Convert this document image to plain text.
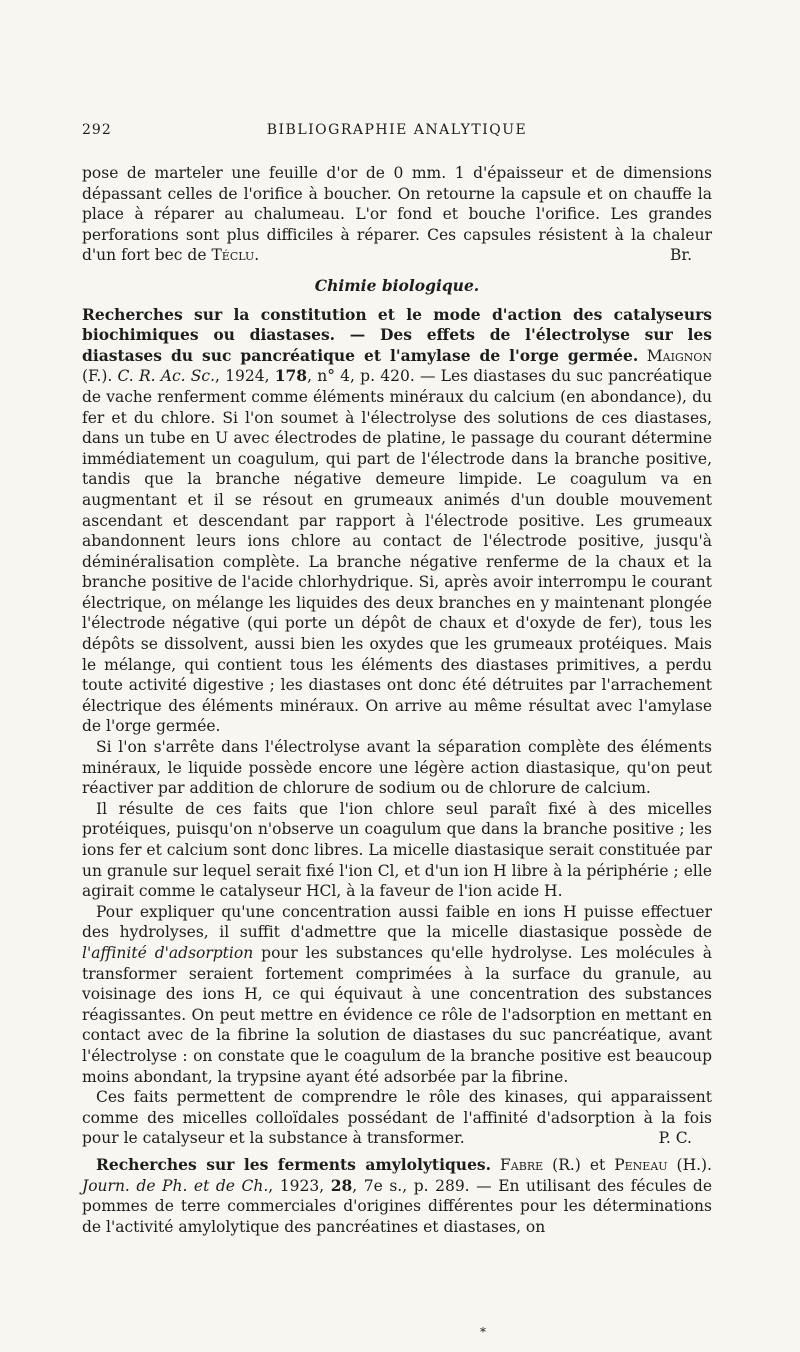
292	BIBLIOGRAPHIE ANALYTIQUE

pose de marteler une feuille d'or de 0 mm. 1 d'épaisseur et de dimensions dépassant celles de l'orifice à boucher. On retourne la capsule et on chauffe la place à réparer au chalumeau. L'or fond et bouche l'orifice. Les grandes perforations sont plus difficiles à réparer. Ces capsules résistent à la chaleur d'un fort bec de Téclu.	Br.

Chimie biologique.

Recherches sur la constitution et le mode d'action des catalyseurs biochimiques ou diastases. — Des effets de l'électrolyse sur les diastases du suc pancréatique et l'amylase de l'orge germée. Maignon (F.). C. R. Ac. Sc., 1924, 178, n° 4, p. 420. — Les diastases du suc pancréatique de vache renferment comme éléments minéraux du calcium (en abondance), du fer et du chlore. Si l'on soumet à l'électrolyse des solutions de ces diastases, dans un tube en U avec électrodes de platine, le passage du courant détermine immédiatement un coagulum, qui part de l'électrode dans la branche positive, tandis que la branche négative demeure limpide. Le coagulum va en augmentant et il se résout en grumeaux animés d'un double mouvement ascendant et descendant par rapport à l'électrode positive. Les grumeaux abandonnent leurs ions chlore au contact de l'électrode positive, jusqu'à déminéralisation complète. La branche négative renferme de la chaux et la branche positive de l'acide chlorhydrique. Si, après avoir interrompu le courant électrique, on mélange les liquides des deux branches en y maintenant plongée l'électrode négative (qui porte un dépôt de chaux et d'oxyde de fer), tous les dépôts se dissolvent, aussi bien les oxydes que les grumeaux protéiques. Mais le mélange, qui contient tous les éléments des diastases primitives, a perdu toute activité digestive ; les diastases ont donc été détruites par l'arrachement électrique des éléments minéraux. On arrive au même résultat avec l'amylase de l'orge germée.

Si l'on s'arrête dans l'électrolyse avant la séparation complète des éléments minéraux, le liquide possède encore une légère action diastasique, qu'on peut réactiver par addition de chlorure de sodium ou de chlorure de calcium.

Il résulte de ces faits que l'ion chlore seul paraît fixé à des micelles protéiques, puisqu'on n'observe un coagulum que dans la branche positive ; les ions fer et calcium sont donc libres. La micelle diastasique serait constituée par un granule sur lequel serait fixé l'ion Cl, et d'un ion H libre à la périphérie ; elle agirait comme le catalyseur HCl, à la faveur de l'ion acide H.

Pour expliquer qu'une concentration aussi faible en ions H puisse effectuer des hydrolyses, il suffit d'admettre que la micelle diastasique possède de l'affinité d'adsorption pour les substances qu'elle hydrolyse. Les molécules à transformer seraient fortement comprimées à la surface du granule, au voisinage des ions H, ce qui équivaut à une concentration des substances réagissantes. On peut mettre en évidence ce rôle de l'adsorption en mettant en contact avec de la fibrine la solution de diastases du suc pancréatique, avant l'électrolyse : on constate que le coagulum de la branche positive est beaucoup moins abondant, la trypsine ayant été adsorbée par la fibrine.

Ces faits permettent de comprendre le rôle des kinases, qui apparaissent comme des micelles colloïdales possédant de l'affinité d'adsorption à la fois pour le catalyseur et la substance à transformer.	P. C.

Recherches sur les ferments amylolytiques. Fabre (R.) et Peneau (H.). Journ. de Ph. et de Ch., 1923, 28, 7e s., p. 289. — En utilisant des fécules de pommes de terre commerciales d'origines différentes pour les déterminations de l'activité amylolytique des pancréatines et diastases, on

*
